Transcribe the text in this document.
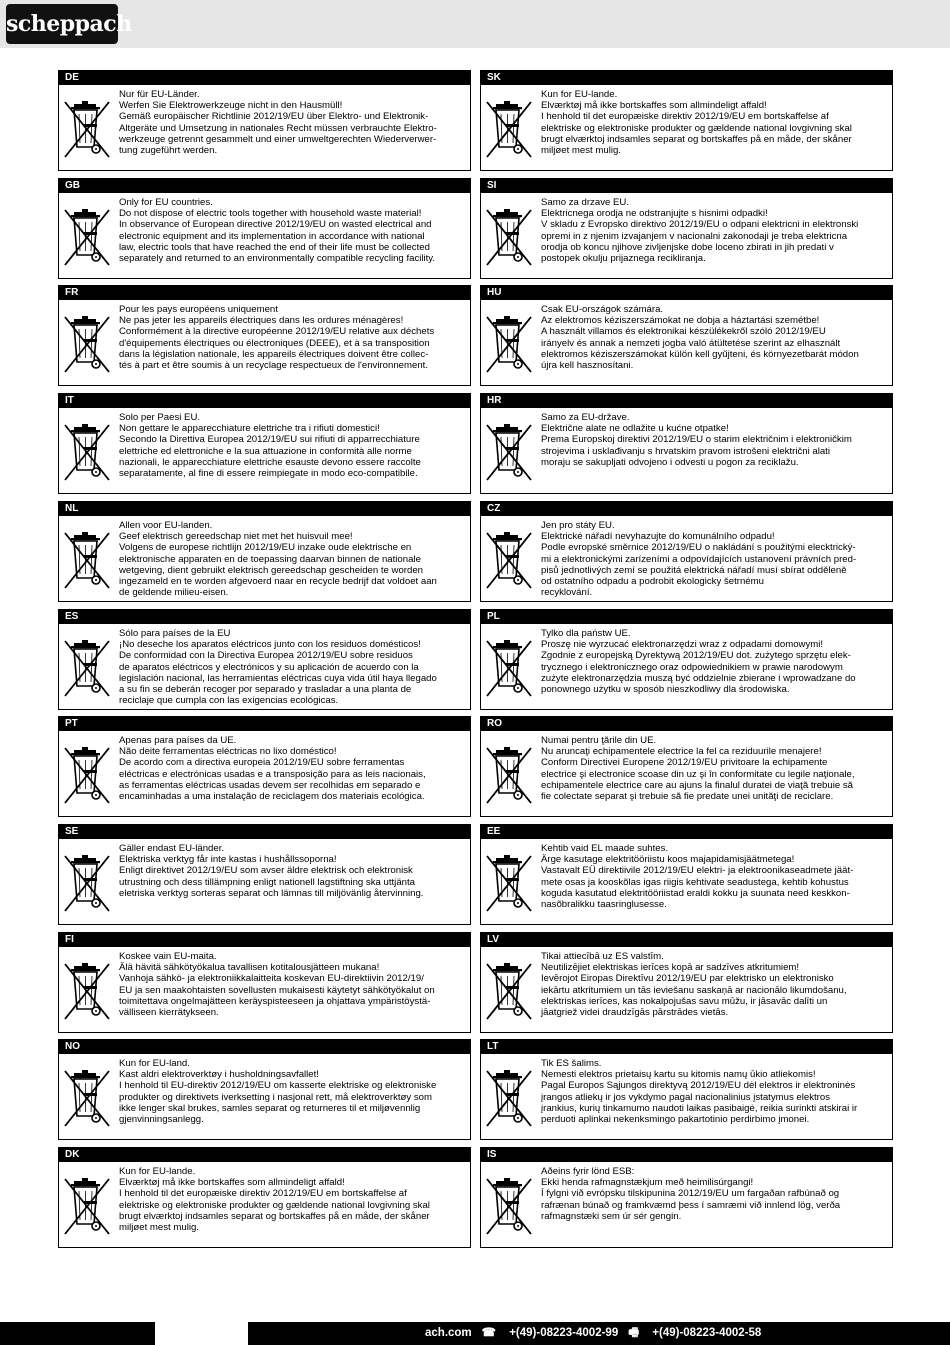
scheppach
DE
Nur für EU-Länder.
Werfen Sie Elektrowerkzeuge nicht in den Hausmüll!
Gemäß europäischer Richtlinie 2012/19/EU über Elektro- und Elektronik-
Altgeräte und Umsetzung in nationales Recht müssen verbrauchte Elektro-
werkzeuge getrennt gesammelt und einer umweltgerechten Wiederverwer-
tung zugeführt werden.
SK
Kun for EU-lande.
Elværktøj må ikke bortskaffes som allmindeligt affald!
I henhold til det europæiske direktiv 2012/19/EU em bortskaffelse af
elektriske og elektroniske produkter og gældende national lovgivning skal
brugt elværktoj indsamles separat og bortskaffes på en måde, der skåner
miljøet mest mulig.
GB
Only for EU countries.
Do not dispose of electric tools together with household waste material!
In observance of European directive 2012/19/EU on wasted electrical and
electronic equipment and its implementation in accordance with national
law, electric tools that have reached the end of their life must be collected
separately and returned to an environmentally compatible recycling facility.
SI
Samo za drzave EU.
Elektricnega orodja ne odstranjujte s hisnimi odpadki!
V skladu z Evropsko direktivo 2012/19/EU o odpani elektricni in elektronski
opremi in z njenim izvajanjem v nacionalni zakonodaji je treba elektricna
orodja ob koncu njihove zivljenjske dobe loceno zbirati in jih predati v
postopek okulju prijaznega recikliranja.
FR
Pour les pays européens uniquement
Ne pas jeter les appareils électriques dans les ordures ménagères!
Conformément à la directive européenne 2012/19/EU relative aux déchets
d'équipements électriques ou électroniques (DEEE), et à sa transposition
dans la législation nationale, les appareils électriques doivent être collec-
tés à part et être soumis à un recyclage respectueux de l'environnement.
HU
Csak EU-országok számára.
Az elektromos kéziszerszámokat ne dobja a háztartási szemétbe!
A használt villamos és elektronikai készülékekről szóló 2012/19/EU
irányelv és annak a nemzeti jogba való átültetése szerint az elhasznált
elektromos kéziszerszámokat külön kell gyűjteni, és környezetbarát módon
újra kell hasznosítani.
IT
Solo per Paesi EU.
Non gettare le apparecchiature elettriche tra i rifiuti domestici!
Secondo la Direttiva Europea 2012/19/EU sui rifiuti di apparrecchiature
elettriche ed elettroniche e la sua attuazione in conformità alle norme
nazionali, le apparecchiature elettriche esauste devono essere raccolte
separatamente, al fine di essere reimpiegate in modo eco-compatibile.
HR
Samo za EU-države.
Električne alate ne odlažite u kućne otpatke!
Prema Europskoj direktivi 2012/19/EU o starim električnim i elektroničkim
strojevima i usklađivanju s hrvatskim pravom istrošeni električni alati
moraju se sakupljati odvojeno i odvesti u pogon za reciklažu.
NL
Allen voor EU-landen.
Geef elektrisch gereedschap niet met het huisvuil mee!
Volgens de europese richtlijn 2012/19/EU inzake oude elektrische en
elektronische apparaten en de toepassing daarvan binnen de nationale
wetgeving, dient gebruikt elektrisch gereedschap gescheiden te worden
ingezameld en te worden afgevoerd naar en recycle bedrijf dat voldoet aan
de geldende milieu-eisen.
CZ
Jen pro státy EU.
Elektrické nářadí nevyhazujte do komunálního odpadu!
Podle evropské směrnice 2012/19/EU o nakládání s použitými elecktrický-
mi a elektronickými zarízeními a odpovídajících ustanovení právních pred-
pisů jednotlivých zemí se použitá elektrická nářadí musí sbírat odděleně
od ostatního odpadu a podrobit ekologicky šetrnému
recyklování.
ES
Sólo para países de la EU
¡No deseche los aparatos eléctricos junto con los residuos domésticos!
De conformidad con la Directiva Europea 2012/19/EU sobre residuos
de aparatos eléctricos y electrónicos y su aplicación de acuerdo con la
legislación nacional, las herramientas eléctricas cuya vida útil haya llegado
a su fin se deberán recoger por separado y trasladar a una planta de
reciclaje que cumpla con las exigencias ecológicas.
PL
Tylko dla państw UE.
Proszę nie wyrzucać elektronarzędzi wraz z odpadami domowymi!
Zgodnie z europejską Dyrektywą 2012/19/EU dot. zużytego sprzętu elek-
trycznego i elektronicznego oraz odpowiednikiem w prawie narodowym
zużyte elektronarzędzia muszą być oddzielnie zbierane i wprowadzane do
ponownego użytku w sposób nieszkodliwy dla środowiska.
PT
Apenas para países da UE.
Não deite ferramentas eléctricas no lixo doméstico!
De acordo com a directiva europeia 2012/19/EU sobre ferramentas
eléctricas e electrónicas usadas e a transposição para as leis nacionais,
as ferramentas eléctricas usadas devem ser recolhidas em separado e
encaminhadas a uma instalação de reciclagem dos materiais ecológica.
RO
Numai pentru ţările din UE.
Nu aruncaţi echipamentele electrice la fel ca reziduurile menajere!
Conform Directivei Europene 2012/19/EU privitoare la echipamente
electrice şi electronice scoase din uz şi în conformitate cu legile naţionale,
echipamentele electrice care au ajuns la finalul duratei de viaţă trebuie să
fie colectate separat şi trebuie să fie predate unei unităţi de reciclare.
SE
Gäller endast EU-länder.
Elektriska verktyg får inte kastas i hushållssoporna!
Enligt direktivet 2012/19/EU som avser äldre elektrisk och elektronisk
utrustning och dess tillämpning enligt nationell lagstiftning ska uttjänta
eletriska verktyg sorteras separat och lämnas till miljövänlig återvinning.
EE
Kehtib vaid EL maade suhtes.
Ärge kasutage elektritööriistu koos majapidamisjäätmetega!
Vastavalt EÜ direktiivile 2012/19/EU elektri- ja elektroonikaseadmete jäät-
mete osas ja kooskõlas igas riigis kehtivate seadustega, kehtib kohustus
koguda kasutatud elektritööriistad eraldi kokku ja suunata need keskkon-
nasõbralikku taasringlusesse.
FI
Koskee vain EU-maita.
Älä hävitä sähkötyökalua tavallisen kotitalousjätteen mukana!
Vanhoja sähkö- ja elektroniikkalaitteita koskevan EU-direktiivin 2012/19/
EU ja sen maakohtaisten sovellusten mukaisesti käytetyt sähkötyökalut on
toimitettava ongelmajätteen keräyspisteeseen ja ohjattava ympäristöystä-
välliseen kierrätykseen.
LV
Tikai attiecībā uz ES valstīm.
Neutilizējiet elektriskas ierīces kopā ar sadzīves atkritumiem!
Ievērojot Eiropas Direktīvu 2012/19/EU par elektrisko un elektronisko
iekārtu atkritumiem un tās ieviešanu saskaņā ar nacionālo likumdošanu,
elektriskas ierīces, kas nokalpojušas savu mūžu, ir jāsavāc dalīti un
jāatgriež videi draudzīgās pārstrādes vietās.
NO
Kun for EU-land.
Kast aldri elektroverktøy i husholdningsavfallet!
I henhold til EU-direktiv 2012/19/EU om kasserte elektriske og elektroniske
produkter og direktivets iverksetting i nasjonal rett, må elektroverktøy som
ikke lenger skal brukes, samles separat og returneres til et miljøvennlig
gjenvinningsanlegg.
LT
Tik ES šalims.
Nemesti elektros prietaisų kartu su kitomis namų ūkio atliekomis!
Pagal Europos Sąjungos direktyvą 2012/19/EU dėl elektros ir elektroninės
įrangos atliekų ir jos vykdymo pagal nacionalinius įstatymus elektros
įrankius, kurių tinkamumo naudoti laikas pasibaigė, reikia surinkti atskirai ir
perduoti aplinkai nekenksmingo pakartotinio perdirbimo įmonei.
DK
Kun for EU-lande.
Elværktøj må ikke bortskaffes som allmindeligt affald!
I henhold til det europæiske direktiv 2012/19/EU em bortskaffelse af
elektriske og elektroniske produkter og gældende national lovgivning skal
brugt elværktoj indsamles separat og bortskaffes på en måde, der skåner
miljøet mest mulig.
IS
Aðeins fyrir lönd ESB:
Ekki henda rafmagnstækjum með heimilisúrgangi!
Í fylgni við evrópsku tilskipunina 2012/19/EU um fargaðan rafbúnað og
rafrænan búnað og framkvæmd þess í samræmi við innlend lög, verða
rafmagnstæki sem úr sér gengin.
ach.com ☎ +(49)-08223-4002-99 🖷 +(49)-08223-4002-58
